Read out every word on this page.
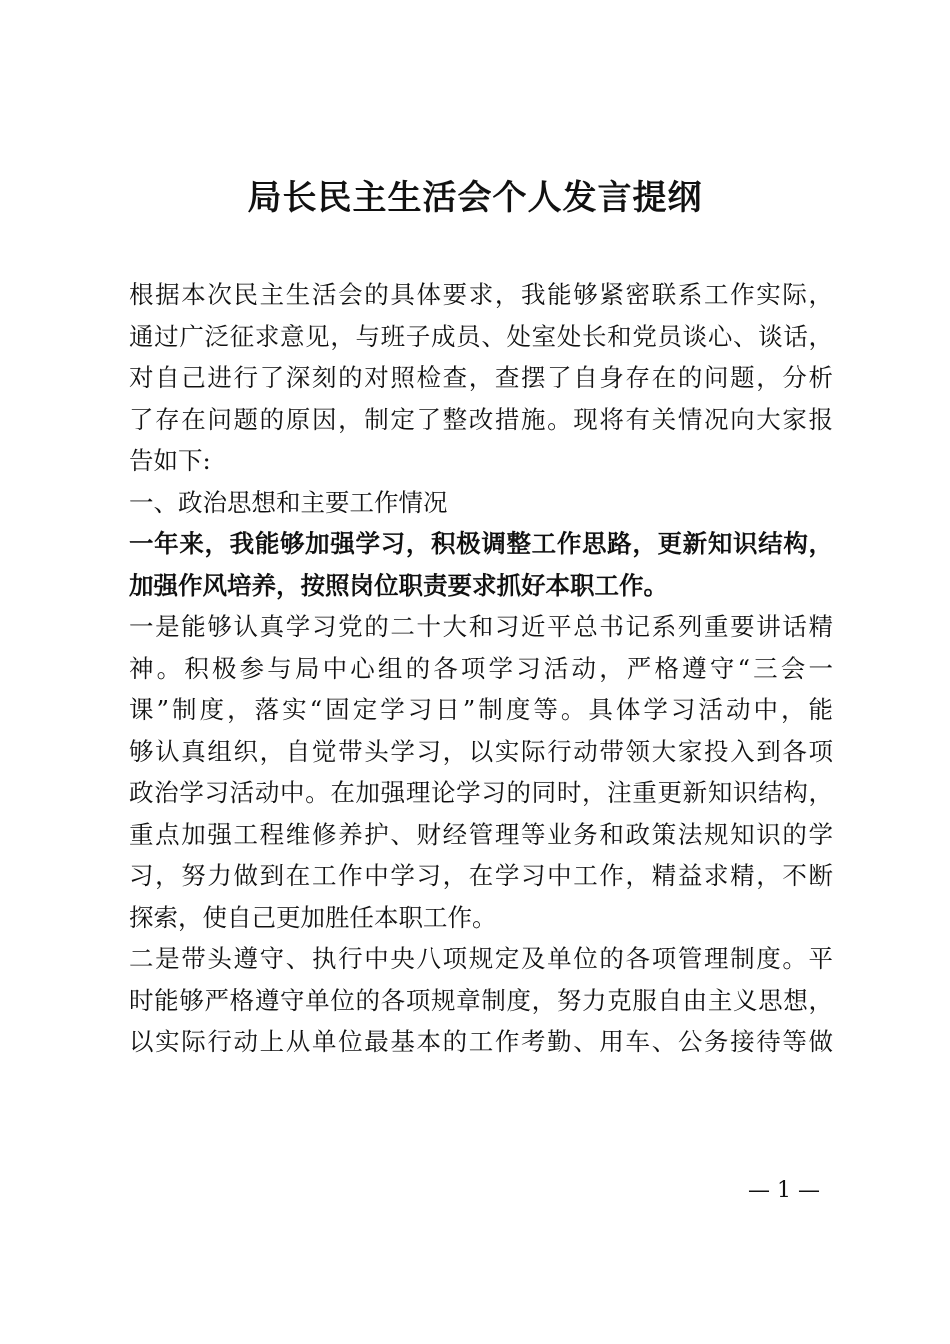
局长民主生活会个人发言提纲
根据本次民主生活会的具体要求，我能够紧密联系工作实际，
通过广泛征求意见，与班子成员、处室处长和党员谈心、谈话，
对自己进行了深刻的对照检查，查摆了自身存在的问题，分析
了存在问题的原因，制定了整改措施。现将有关情况向大家报
告如下:
一、政治思想和主要工作情况
一年来，我能够加强学习，积极调整工作思路，更新知识结构，
加强作风培养，按照岗位职责要求抓好本职工作。
一是能够认真学习党的二十大和习近平总书记系列重要讲话精
神。积极参与局中心组的各项学习活动，严格遵守“三会一
课”制度，落实“固定学习日”制度等。具体学习活动中，能
够认真组织，自觉带头学习，以实际行动带领大家投入到各项
政治学习活动中。在加强理论学习的同时，注重更新知识结构，
重点加强工程维修养护、财经管理等业务和政策法规知识的学
习，努力做到在工作中学习，在学习中工作，精益求精，不断
探索，使自己更加胜任本职工作。
二是带头遵守、执行中央八项规定及单位的各项管理制度。平
时能够严格遵守单位的各项规章制度，努力克服自由主义思想，
以实际行动上从单位最基本的工作考勤、用车、公务接待等做
— 1 —
